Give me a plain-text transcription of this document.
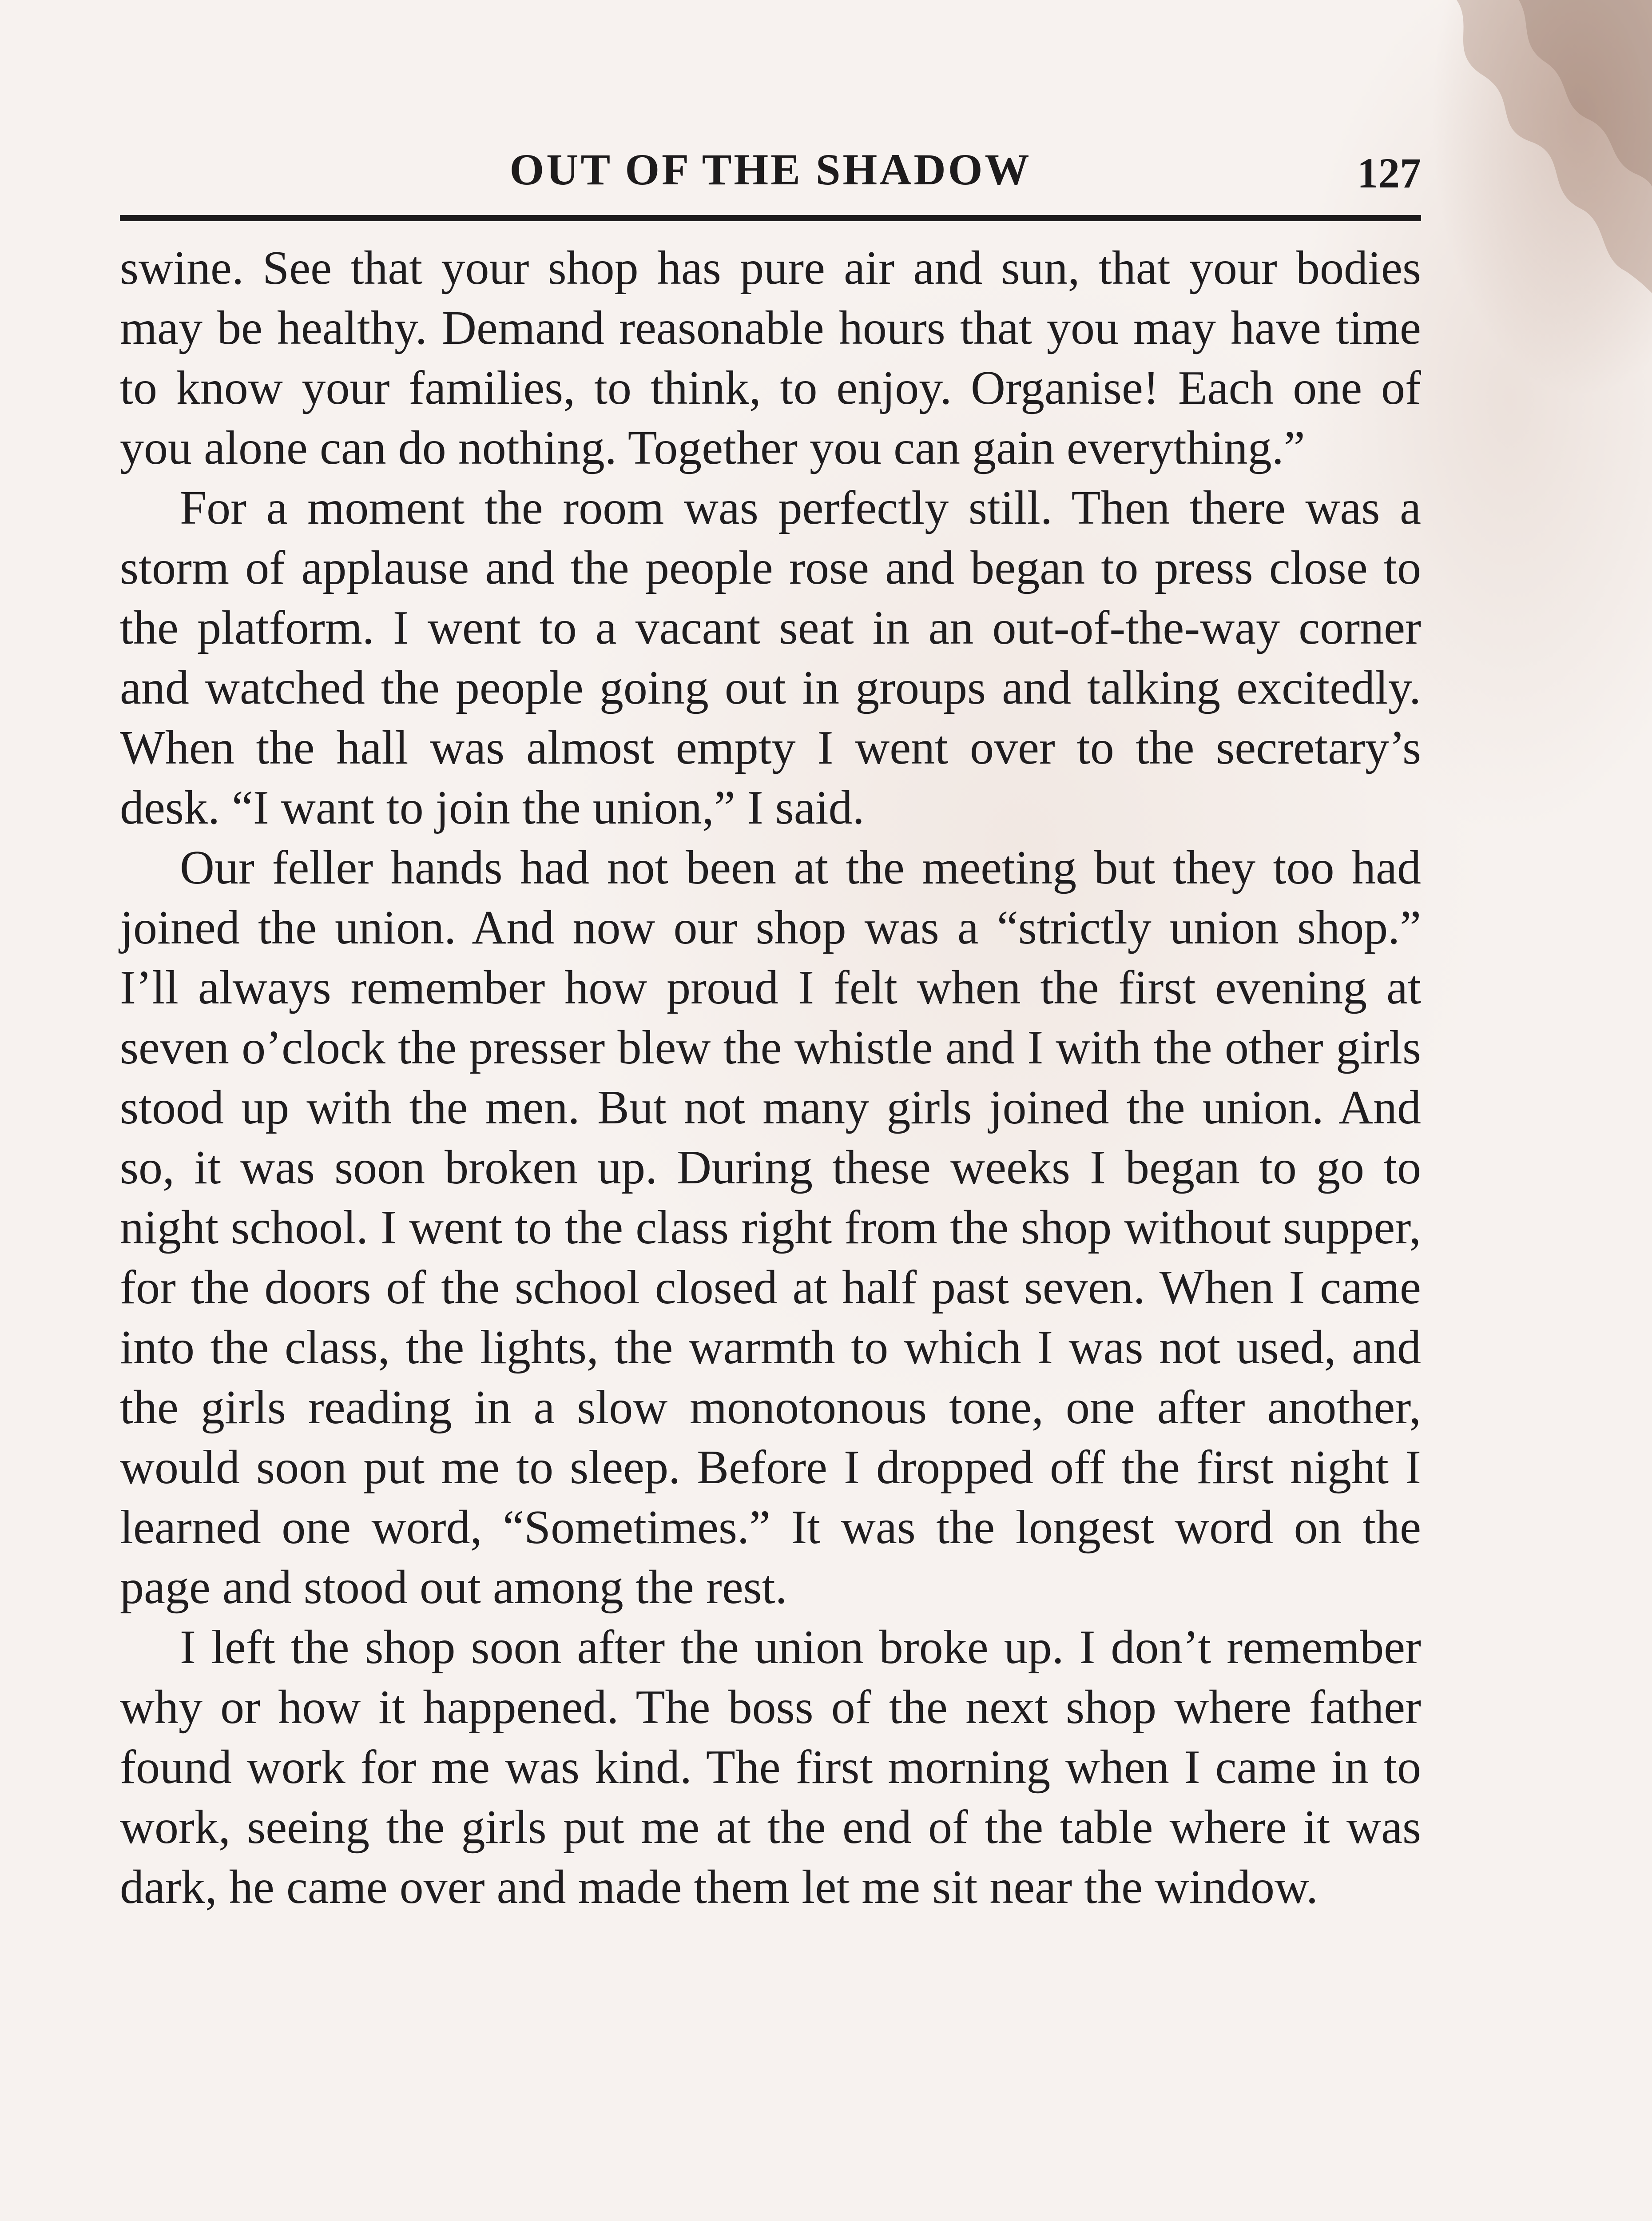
OUT OF THE SHADOW	127

swine. See that your shop has pure air and sun, that your bodies may be healthy. Demand reasonable hours that you may have time to know your families, to think, to enjoy. Organise! Each one of you alone can do nothing. Together you can gain everything.”

For a moment the room was perfectly still. Then there was a storm of applause and the people rose and began to press close to the platform. I went to a vacant seat in an out-of-the-way corner and watched the people going out in groups and talking excitedly. When the hall was almost empty I went over to the secretary’s desk. “I want to join the union,” I said.

Our feller hands had not been at the meeting but they too had joined the union. And now our shop was a “strictly union shop.” I’ll always remember how proud I felt when the first evening at seven o’clock the presser blew the whistle and I with the other girls stood up with the men. But not many girls joined the union. And so, it was soon broken up. During these weeks I began to go to night school. I went to the class right from the shop without supper, for the doors of the school closed at half past seven. When I came into the class, the lights, the warmth to which I was not used, and the girls reading in a slow monotonous tone, one after another, would soon put me to sleep. Before I dropped off the first night I learned one word, “Sometimes.” It was the longest word on the page and stood out among the rest.

I left the shop soon after the union broke up. I don’t remember why or how it happened. The boss of the next shop where father found work for me was kind. The first morning when I came in to work, seeing the girls put me at the end of the table where it was dark, he came over and made them let me sit near the window.
